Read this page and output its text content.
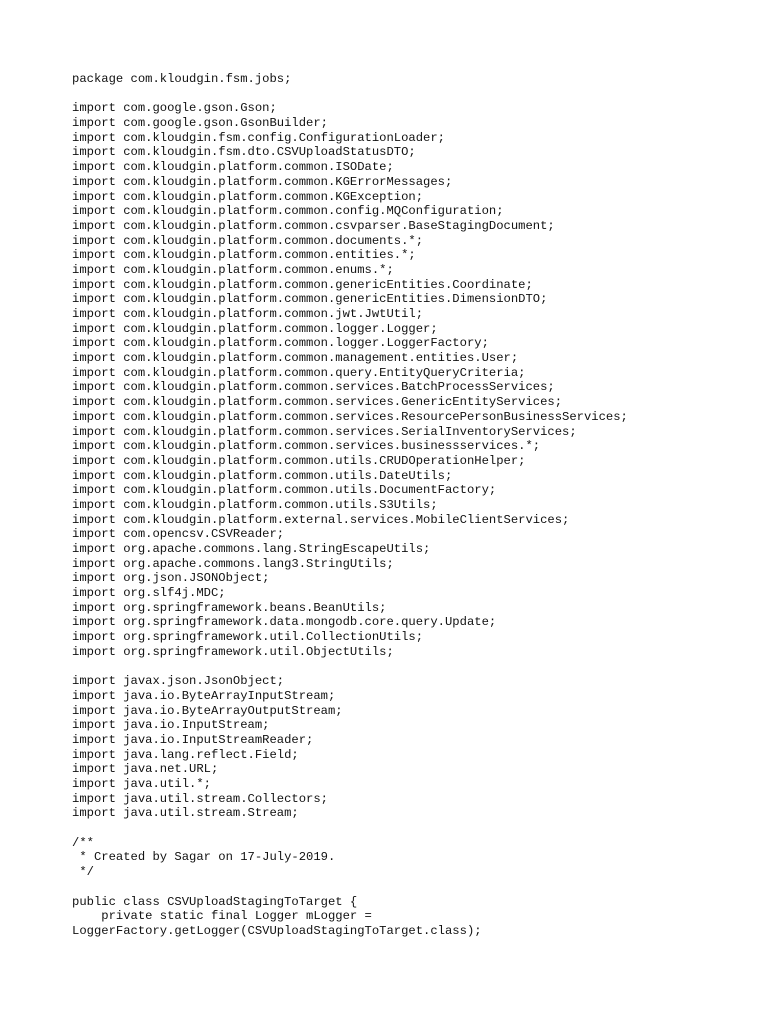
package com.kloudgin.fsm.jobs;
import com.google.gson.Gson;
import com.google.gson.GsonBuilder;
import com.kloudgin.fsm.config.ConfigurationLoader;
import com.kloudgin.fsm.dto.CSVUploadStatusDTO;
import com.kloudgin.platform.common.ISODate;
import com.kloudgin.platform.common.KGErrorMessages;
import com.kloudgin.platform.common.KGException;
import com.kloudgin.platform.common.config.MQConfiguration;
import com.kloudgin.platform.common.csvparser.BaseStagingDocument;
import com.kloudgin.platform.common.documents.*;
import com.kloudgin.platform.common.entities.*;
import com.kloudgin.platform.common.enums.*;
import com.kloudgin.platform.common.genericEntities.Coordinate;
import com.kloudgin.platform.common.genericEntities.DimensionDTO;
import com.kloudgin.platform.common.jwt.JwtUtil;
import com.kloudgin.platform.common.logger.Logger;
import com.kloudgin.platform.common.logger.LoggerFactory;
import com.kloudgin.platform.common.management.entities.User;
import com.kloudgin.platform.common.query.EntityQueryCriteria;
import com.kloudgin.platform.common.services.BatchProcessServices;
import com.kloudgin.platform.common.services.GenericEntityServices;
import com.kloudgin.platform.common.services.ResourcePersonBusinessServices;
import com.kloudgin.platform.common.services.SerialInventoryServices;
import com.kloudgin.platform.common.services.businessservices.*;
import com.kloudgin.platform.common.utils.CRUDOperationHelper;
import com.kloudgin.platform.common.utils.DateUtils;
import com.kloudgin.platform.common.utils.DocumentFactory;
import com.kloudgin.platform.common.utils.S3Utils;
import com.kloudgin.platform.external.services.MobileClientServices;
import com.opencsv.CSVReader;
import org.apache.commons.lang.StringEscapeUtils;
import org.apache.commons.lang3.StringUtils;
import org.json.JSONObject;
import org.slf4j.MDC;
import org.springframework.beans.BeanUtils;
import org.springframework.data.mongodb.core.query.Update;
import org.springframework.util.CollectionUtils;
import org.springframework.util.ObjectUtils;
import javax.json.JsonObject;
import java.io.ByteArrayInputStream;
import java.io.ByteArrayOutputStream;
import java.io.InputStream;
import java.io.InputStreamReader;
import java.lang.reflect.Field;
import java.net.URL;
import java.util.*;
import java.util.stream.Collectors;
import java.util.stream.Stream;
/**
* Created by Sagar on 17-July-2019.
*/
public class CSVUploadStagingToTarget {
private static final Logger mLogger =
LoggerFactory.getLogger(CSVUploadStagingToTarget.class);
